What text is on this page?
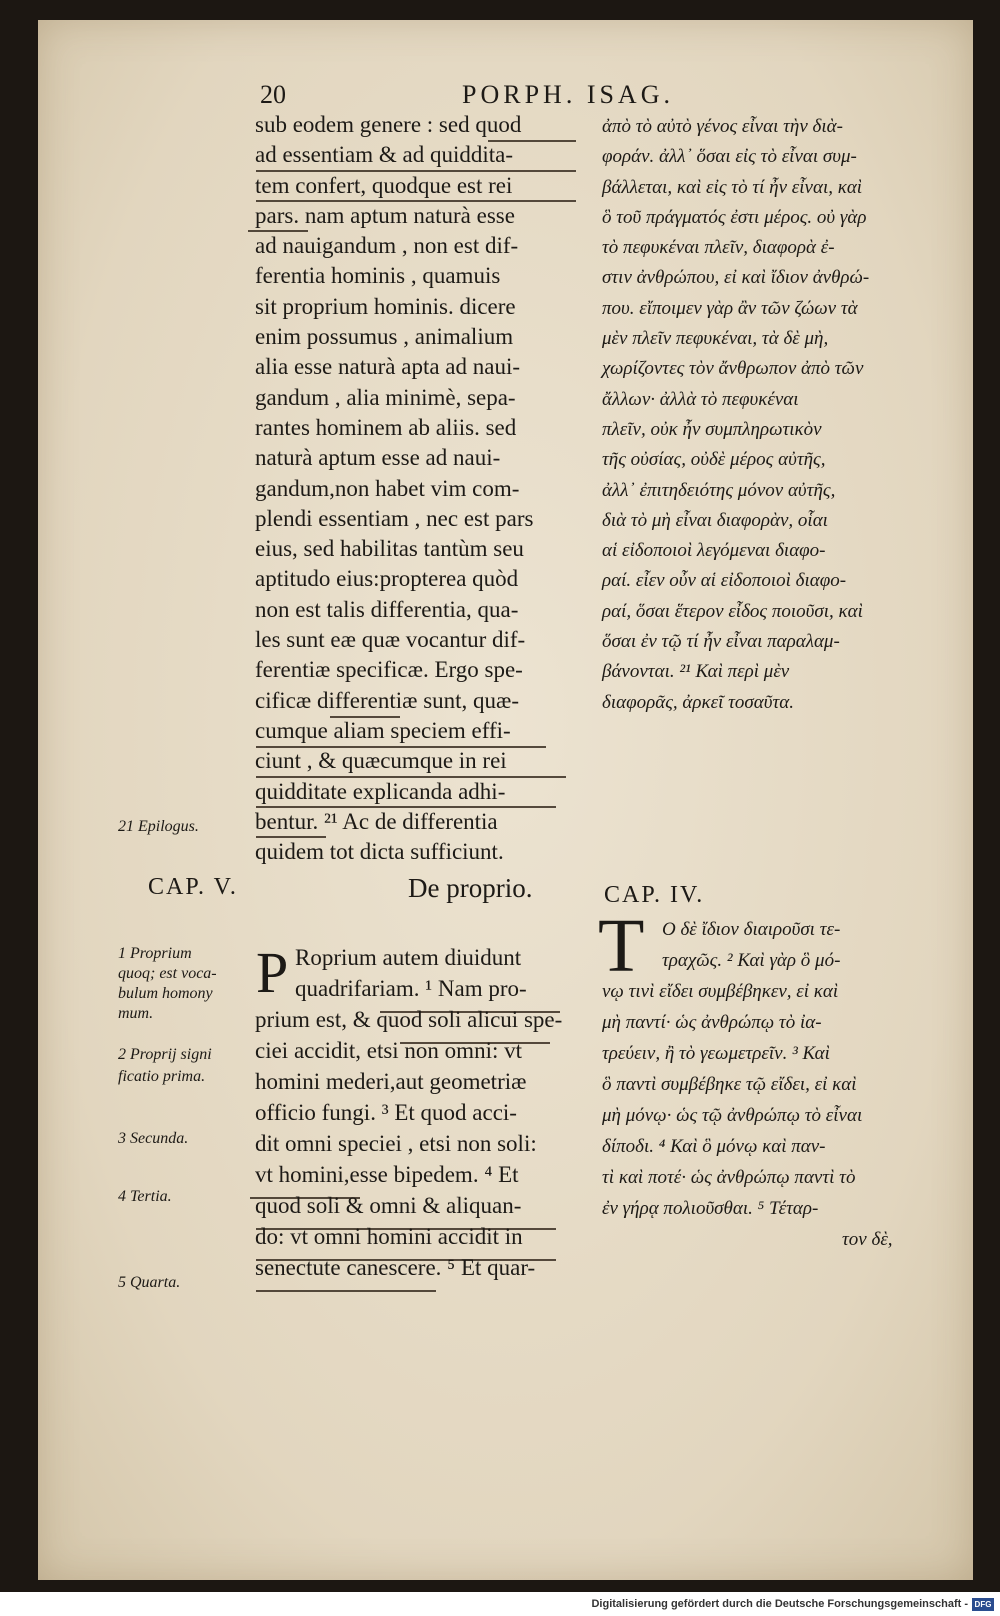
20	PORPH. ISAG.
sub eodem genere : sed quod
ad essentiam & ad quiddita-
tem confert, quodque est rei
pars. nam aptum naturà esse
ad nauigandum , non est dif-
ferentia hominis , quamuis
sit proprium hominis. dicere
enim possumus , animalium
alia esse naturà apta ad naui-
gandum , alia minimè, sepa-
rantes hominem ab aliis. sed
naturà aptum esse ad naui-
gandum,non habet vim com-
plendi essentiam , nec est pars
eius, sed habilitas tantùm seu
aptitudo eius:propterea quòd
non est talis differentia, qua-
les sunt eæ quæ vocantur dif-
ferentiæ specificæ. Ergo spe-
cificæ differentiæ sunt, quæ-
cumque aliam speciem effi-
ciunt , & quæcumque in rei
quidditate explicanda adhi-
bentur. ²¹ Ac de differentia
quidem tot dicta sufficiunt.
ἀπὸ τὸ αὐτὸ γένος εἶναι τὴν διὰ-
φοράν. ἀλλ᾽ ὅσαι εἰς τὸ εἶναι συμ-
βάλλεται, καὶ εἰς τὸ τί ἦν εἶναι, καὶ
ὃ τοῦ πράγματός ἐστι μέρος. οὐ γὰρ
τὸ πεφυκέναι πλεῖν, διαφορὰ ἐ-
στιν ἀνθρώπου, εἰ καὶ ἴδιον ἀνθρώ-
που. εἴποιμεν γὰρ ἂν τῶν ζώων τὰ
μὲν πλεῖν πεφυκέναι, τὰ δὲ μὴ,
χωρίζοντες τὸν ἄνθρωπον ἀπὸ τῶν
ἄλλων· ἀλλὰ τὸ πεφυκέναι
πλεῖν, οὐκ ἦν συμπληρωτικὸν
τῆς οὐσίας, οὐδὲ μέρος αὐτῆς,
ἀλλ᾽ ἐπιτηδειότης μόνον αὐτῆς,
διὰ τὸ μὴ εἶναι διαφορὰν, οἷαι
αἱ εἰδοποιοὶ λεγόμεναι διαφο-
ραί. εἶεν οὖν αἱ εἰδοποιοὶ διαφο-
ραί, ὅσαι ἕτερον εἶδος ποιοῦσι, καὶ
ὅσαι ἐν τῷ τί ἦν εἶναι παραλαμ-
βάνονται. ²¹ Καὶ περὶ μὲν
διαφορᾶς, ἀρκεῖ τοσαῦτα.
21 Epilogus.
CAP. V.	De proprio.	CAP. IV.
P	T
Roprium autem diuidunt
quadrifariam. ¹ Nam pro-
prium est, & quod soli alicui spe-
ciei accidit, etsi non omni: vt
homini mederi,aut geometriæ
officio fungi. ³ Et quod acci-
dit omni speciei , etsi non soli:
vt homini,esse bipedem. ⁴ Et
quod soli & omni & aliquan-
do: vt omni homini accidit in
senectute canescere. ⁵ Et quar-
Ο δὲ ἴδιον διαιροῦσι τε-
τραχῶς. ² Καὶ γὰρ ὃ μό-
νῳ τινὶ εἴδει συμβέβηκεν, εἰ καὶ
μὴ παντί· ὡς ἀνθρώπῳ τὸ ἰα-
τρεύειν, ἢ τὸ γεωμετρεῖν. ³ Καὶ
ὃ παντὶ συμβέβηκε τῷ εἴδει, εἰ καὶ
μὴ μόνῳ· ὡς τῷ ἀνθρώπῳ τὸ εἶναι
δίποδι. ⁴ Καὶ ὃ μόνῳ καὶ παν-
τὶ καὶ ποτέ· ὡς ἀνθρώπῳ παντὶ τὸ
ἐν γήρᾳ πολιοῦσθαι. ⁵ Τέταρ-
τον δὲ,
1 Proprium
quoq; est voca-
bulum homony
mum.
2 Proprij signi
ficatio prima.
3 Secunda.
4 Tertia.
5 Quarta.
Digitalisierung gefördert durch die Deutsche Forschungsgemeinschaft - DFG
